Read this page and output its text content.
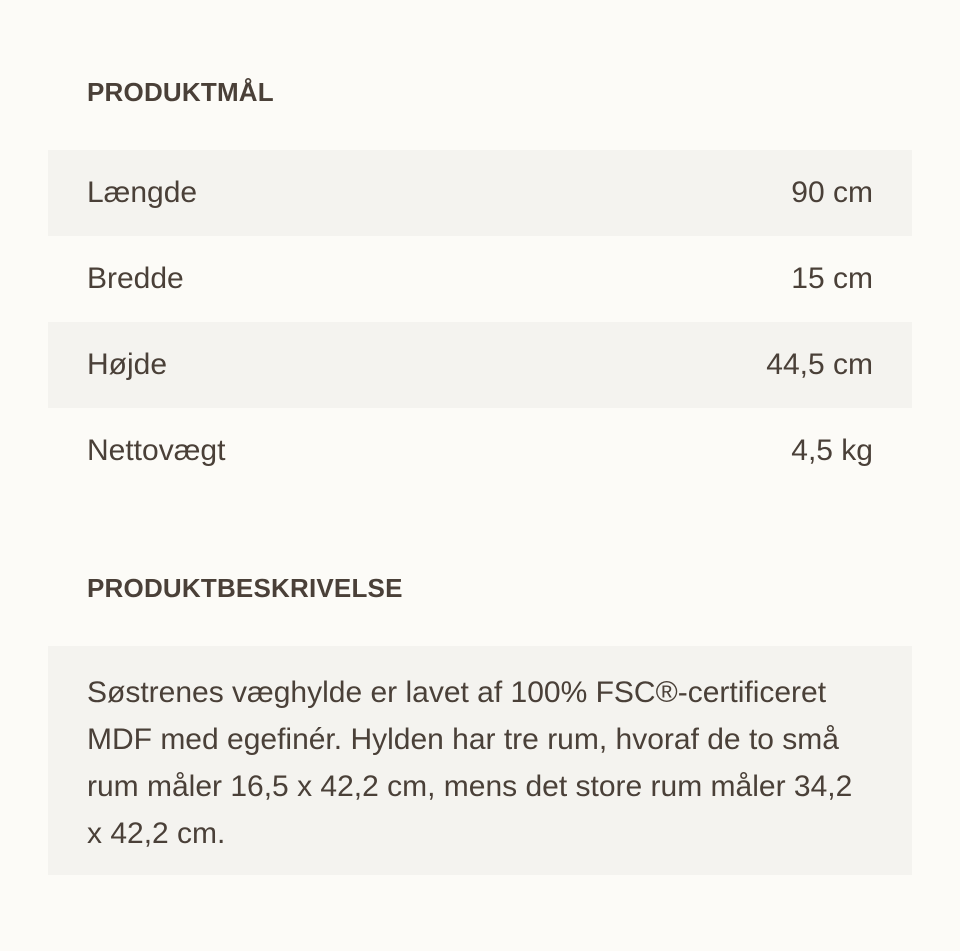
PRODUKTMÅL
Længde	90 cm
Bredde	15 cm
Højde	44,5 cm
Nettovægt	4,5 kg
PRODUKTBESKRIVELSE

Søstrenes væghylde er lavet af 100% FSC®-certificeret MDF med egefinér. Hylden har tre rum, hvoraf de to små rum måler 16,5 x 42,2 cm, mens det store rum måler 34,2 x 42,2 cm.
